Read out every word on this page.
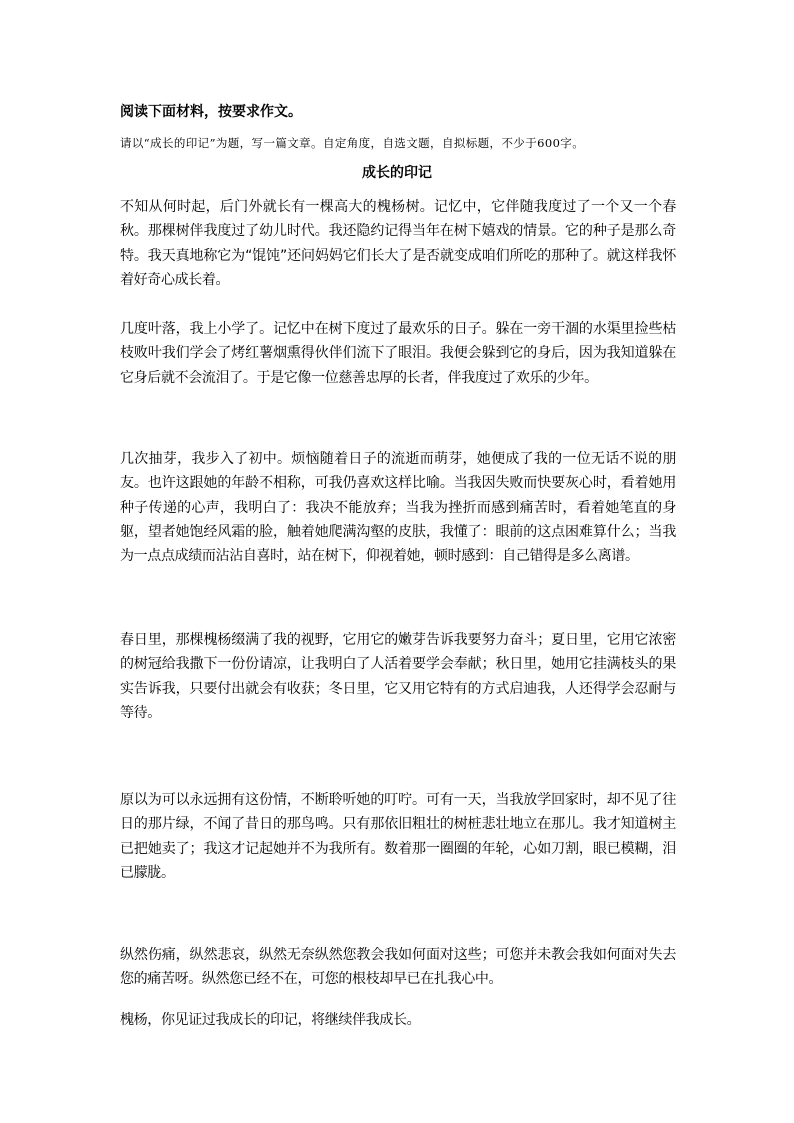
阅读下面材料，按要求作文。
请以“成长的印记”为题，写一篇文章。自定角度，自选文题，自拟标题，不少于600字。
成长的印记
不知从何时起，后门外就长有一棵高大的槐杨树。记忆中，它伴随我度过了一个又一个春秋。那棵树伴我度过了幼儿时代。我还隐约记得当年在树下嬉戏的情景。它的种子是那么奇特。我天真地称它为“馄饨”还问妈妈它们长大了是否就变成咱们所吃的那种了。就这样我怀着好奇心成长着。
几度叶落，我上小学了。记忆中在树下度过了最欢乐的日子。躲在一旁干涸的水渠里捡些枯枝败叶我们学会了烤红薯烟熏得伙伴们流下了眼泪。我便会躲到它的身后，因为我知道躲在它身后就不会流泪了。于是它像一位慈善忠厚的长者，伴我度过了欢乐的少年。
几次抽芽，我步入了初中。烦恼随着日子的流逝而萌芽，她便成了我的一位无话不说的朋友。也许这跟她的年龄不相称，可我仍喜欢这样比喻。当我因失败而快要灰心时，看着她用种子传递的心声，我明白了：我决不能放弃；当我为挫折而感到痛苦时，看着她笔直的身躯，望者她饱经风霜的脸，触着她爬满沟壑的皮肤，我懂了：眼前的这点困难算什么；当我为一点点成绩而沾沾自喜时，站在树下，仰视着她，顿时感到：自己错得是多么离谱。
春日里，那棵槐杨缀满了我的视野，它用它的嫩芽告诉我要努力奋斗；夏日里，它用它浓密的树冠给我撒下一份份请凉，让我明白了人活着要学会奉献；秋日里，她用它挂满枝头的果实告诉我，只要付出就会有收获；冬日里，它又用它特有的方式启迪我，人还得学会忍耐与等待。
原以为可以永远拥有这份情，不断聆听她的叮咛。可有一天，当我放学回家时，却不见了往日的那片绿，不闻了昔日的那鸟鸣。只有那依旧粗壮的树桩悲壮地立在那儿。我才知道树主已把她卖了；我这才记起她并不为我所有。数着那一圈圈的年轮，心如刀割，眼已模糊，泪已朦胧。
纵然伤痛，纵然悲哀，纵然无奈纵然您教会我如何面对这些；可您并未教会我如何面对失去您的痛苦呀。纵然您已经不在，可您的根枝却早已在扎我心中。
槐杨，你见证过我成长的印记，将继续伴我成长。
